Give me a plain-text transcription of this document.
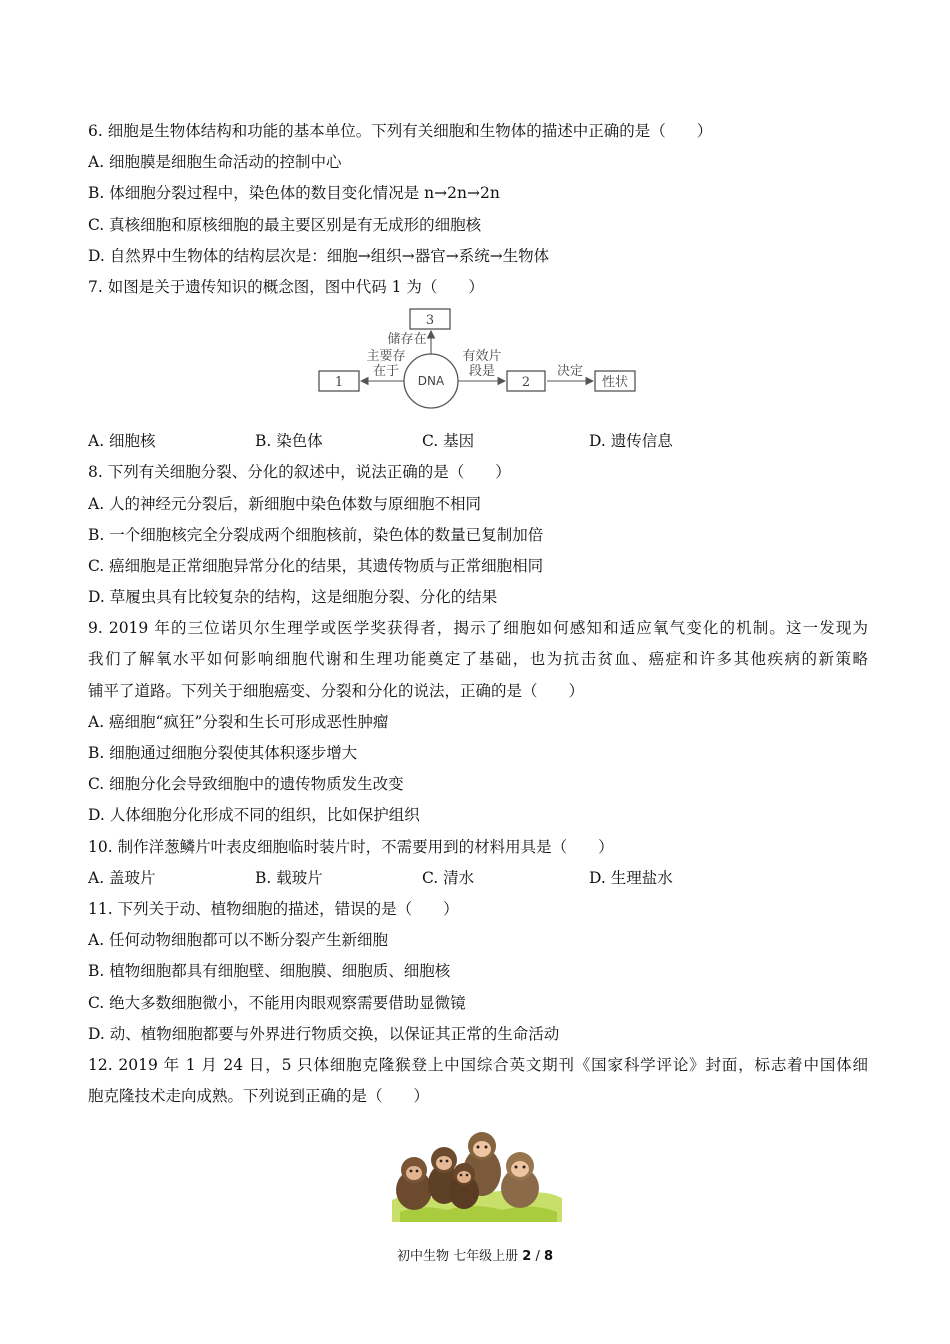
6. 细胞是生物体结构和功能的基本单位。下列有关细胞和生物体的描述中正确的是（　　）
A. 细胞膜是细胞生命活动的控制中心
B. 体细胞分裂过程中，染色体的数目变化情况是 n→2n→2n
C. 真核细胞和原核细胞的最主要区别是有无成形的细胞核
D. 自然界中生物体的结构层次是：细胞→组织→器官→系统→生物体
7. 如图是关于遗传知识的概念图，图中代码 1 为（　　）
3
DNA
储存在
1
主要存
在于
2
有效片
段是
性状
决定
A. 细胞核	B. 染色体	C. 基因	D. 遗传信息
8. 下列有关细胞分裂、分化的叙述中，说法正确的是（　　）
A. 人的神经元分裂后，新细胞中染色体数与原细胞不相同
B. 一个细胞核完全分裂成两个细胞核前，染色体的数量已复制加倍
C. 癌细胞是正常细胞异常分化的结果，其遗传物质与正常细胞相同
D. 草履虫具有比较复杂的结构，这是细胞分裂、分化的结果
9. 2019 年的三位诺贝尔生理学或医学奖获得者，揭示了细胞如何感知和适应氧气变化的机制。这一发现为
我们了解氧水平如何影响细胞代谢和生理功能奠定了基础，也为抗击贫血、癌症和许多其他疾病的新策略
铺平了道路。下列关于细胞癌变、分裂和分化的说法，正确的是（　　）
A. 癌细胞“疯狂”分裂和生长可形成恶性肿瘤
B. 细胞通过细胞分裂使其体积逐步增大
C. 细胞分化会导致细胞中的遗传物质发生改变
D. 人体细胞分化形成不同的组织，比如保护组织
10. 制作洋葱鳞片叶表皮细胞临时装片时，不需要用到的材料用具是（　　）
A. 盖玻片	B. 载玻片	C. 清水	D. 生理盐水
11. 下列关于动、植物细胞的描述，错误的是（　　）
A. 任何动物细胞都可以不断分裂产生新细胞
B. 植物细胞都具有细胞壁、细胞膜、细胞质、细胞核
C. 绝大多数细胞微小，不能用肉眼观察需要借助显微镜
D. 动、植物细胞都要与外界进行物质交换，以保证其正常的生命活动
12. 2019 年 1 月 24 日，5 只体细胞克隆猴登上中国综合英文期刊《国家科学评论》封面，标志着中国体细
胞克隆技术走向成熟。下列说到正确的是（　　）
初中生物 七年级上册 2 / 8
